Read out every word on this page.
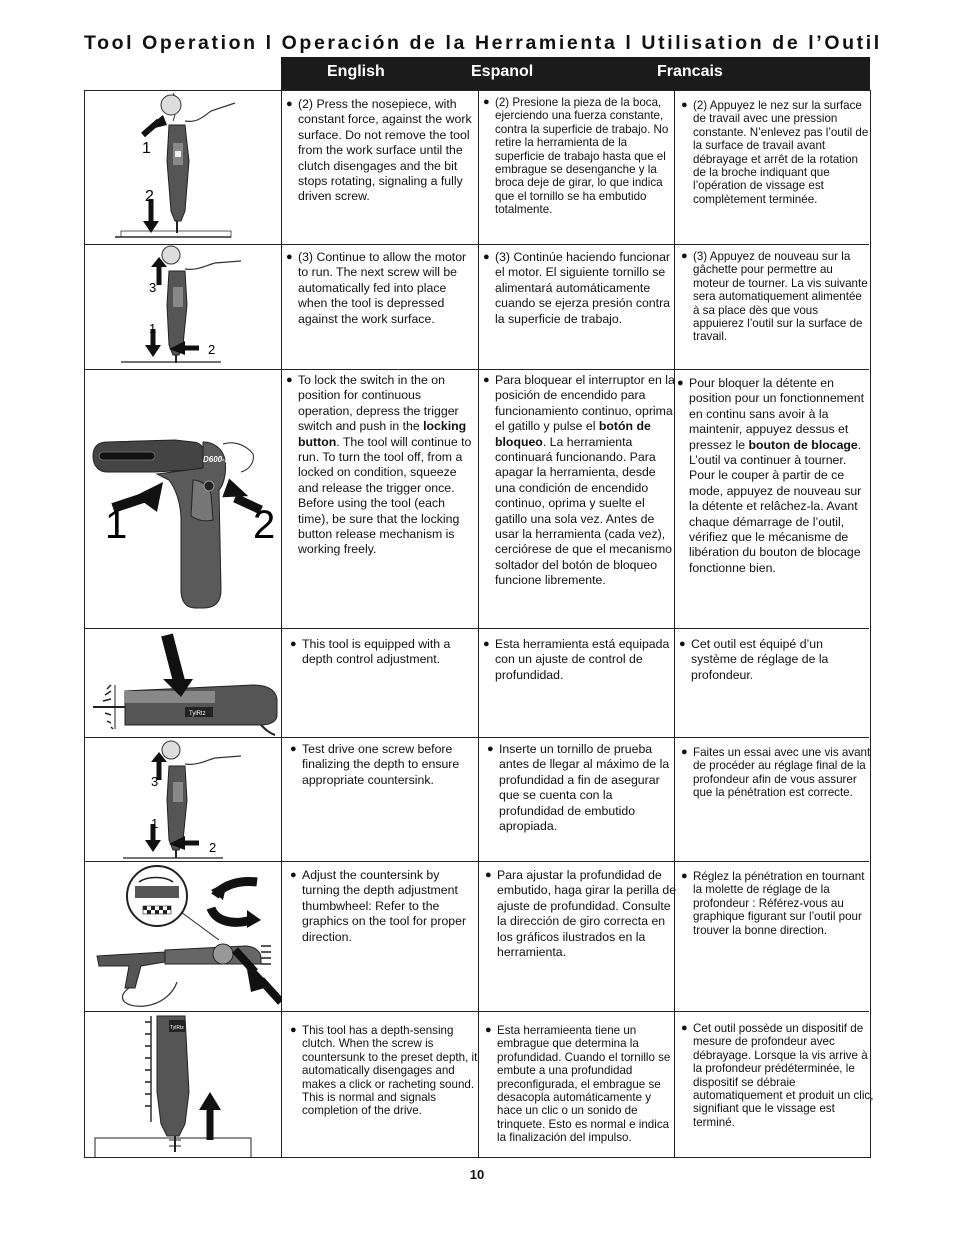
Tool Operation l Operación de la Herramienta l Utilisation de l’Outil
English	Espanol	Francais
1
2
● (2) Press the nosepiece, with constant force, against the work surface. Do not remove the tool from the work surface until the clutch disengages and the bit stops rotating, signaling a fully driven screw.
● (2) Presione la pieza de la boca, ejerciendo una fuerza constante, contra la superficie de trabajo. No retire la herramienta de la superficie de trabajo hasta que el embrague se desenganche y la broca deje de girar, lo que indica que el tornillo se ha embutido totalmente.
● (2) Appuyez le nez sur la surface de travail avec une pression constante. N’enlevez pas l’outil de la surface de travail avant débrayage et arrêt de la rotation de la broche indiquant que l’opération de vissage est complètement terminée.
3
1
2
● (3) Continue to allow the motor to run. The next screw will be automatically fed into place when the tool is depressed against the work surface.
● (3) Continúe haciendo funcionar el motor. El siguiente tornillo se alimentará automáticamente cuando se ejerza presión contra la superficie de trabajo.
● (3) Appuyez de nouveau sur la gâchette pour permettre au moteur de tourner. La vis suivante sera automatiquement alimentée à sa place dès que vous appuierez l’outil sur la surface de travail.
D600-AC
1	2
● To lock the switch in the on position for continuous operation, depress the trigger switch and push in the locking button. The tool will continue to run. To turn the tool off, from a locked on condition, squeeze and release the trigger once. Before using the tool (each time), be sure that the locking button release mechanism is working freely.
● Para bloquear el interruptor en la posición de encendido para funcionamiento continuo, oprima el gatillo y pulse el botón de bloqueo. La herramienta continuará funcionando. Para apagar la herramienta, desde una condición de encendido continuo, oprima y suelte el gatillo una sola vez. Antes de usar la herramienta (cada vez), cerciórese de que el mecanismo soltador del botón de bloqueo funcione libremente.
● Pour bloquer la détente en position pour un fonctionnement en continu sans avoir à la maintenir, appuyez dessus et pressez le bouton de blocage. L’outil va continuer à tourner. Pour le couper à partir de ce mode, appuyez de nouveau sur la détente et relâchez-la. Avant chaque démarrage de l’outil, vérifiez que le mécanisme de libération du bouton de blocage fonctionne bien.
TylRtz
● This tool is equipped with a depth control adjustment.
● Esta herramienta está equipada con un ajuste de control de profundidad.
● Cet outil est équipé d’un système de réglage de la profondeur.
3
1
2
● Test drive one screw before finalizing the depth to ensure appropriate countersink.
● Inserte un tornillo de prueba antes de llegar al máximo de la profundidad a fin de asegurar que se cuenta con la profundidad de embutido apropiada.
● Faites un essai avec une vis avant de procéder au réglage final de la profondeur afin de vous assurer que la pénétration est correcte.
● Adjust the countersink by turning the depth adjustment thumbwheel: Refer to the graphics on the tool for proper direction.
● Para ajustar la profundidad de embutido, haga girar la perilla de ajuste de profundidad. Consulte la dirección de giro correcta en los gráficos ilustrados en la herramienta.
● Réglez la pénétration en tournant la molette de réglage de la profondeur : Référez-vous au graphique figurant sur l’outil pour trouver la bonne direction.
TylRtz
●	This tool has a depth-sensing clutch. When the screw is countersunk to the preset depth, it automatically disengages and makes a click or racheting sound. This is normal and signals completion of the drive.
● Esta herramieenta tiene un embrague que determina la profundidad. Cuando el tornillo se embute a una profundidad preconfigurada, el embrague se desacopla automáticamente y hace un clic o un sonido de trinquete. Esto es normal e indica la finalización del impulso.
● Cet outil possède un dispositif de mesure de profondeur avec débrayage. Lorsque la vis arrive à la profondeur prédéterminée, le dispositif se débraie automatiquement et produit un clic, signifiant que le vissage est terminé.
10
